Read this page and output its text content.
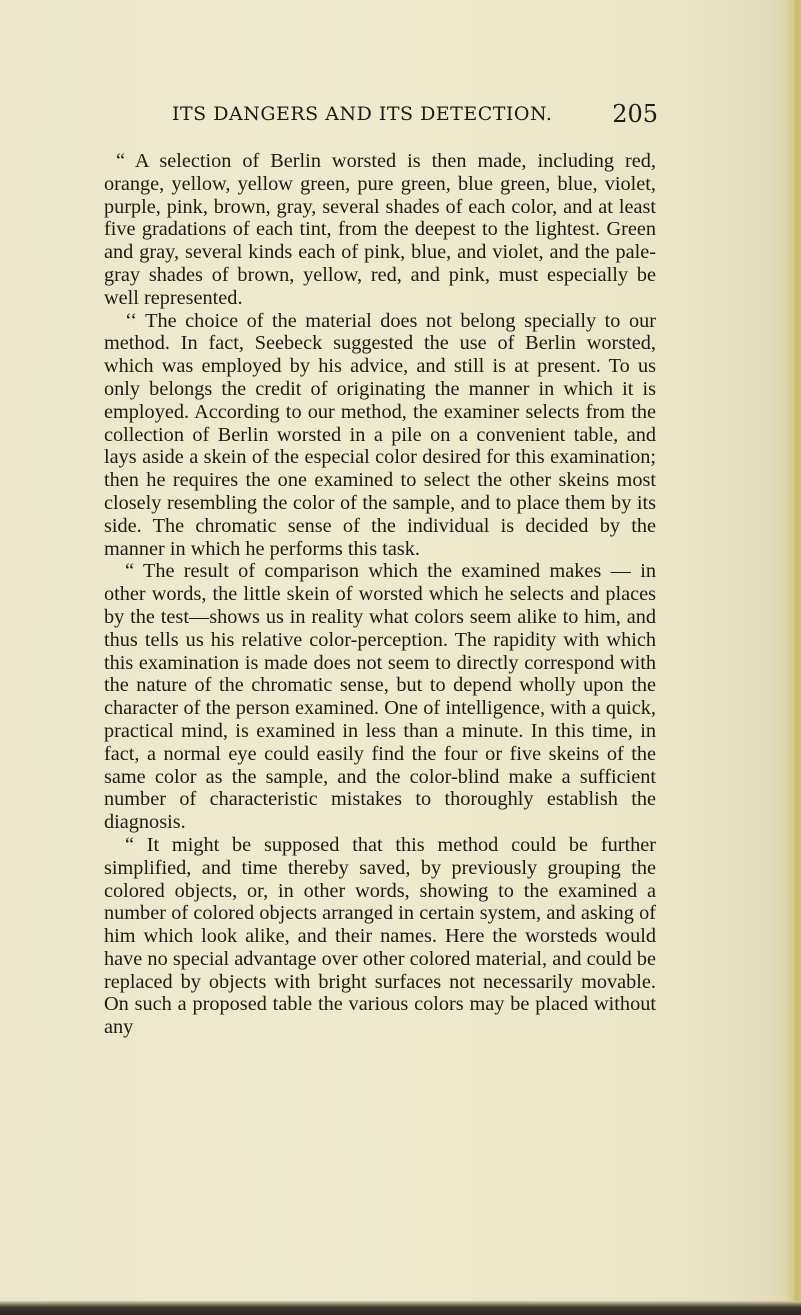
ITS DANGERS AND ITS DETECTION. 205

“ A selection of Berlin worsted is then made, including red, orange, yellow, yellow green, pure green, blue green, blue, violet, purple, pink, brown, gray, several shades of each color, and at least five gradations of each tint, from the deepest to the lightest. Green and gray, several kinds each of pink, blue, and violet, and the pale-gray shades of brown, yellow, red, and pink, must especially be well represented.

‘‘ The choice of the material does not belong specially to our method. In fact, Seebeck suggested the use of Berlin worsted, which was employed by his advice, and still is at present. To us only belongs the credit of originating the manner in which it is employed. According to our method, the examiner selects from the collection of Berlin worsted in a pile on a convenient table, and lays aside a skein of the especial color desired for this examination; then he requires the one examined to select the other skeins most closely resembling the color of the sample, and to place them by its side. The chromatic sense of the individual is decided by the manner in which he performs this task.

“ The result of comparison which the examined makes — in other words, the little skein of worsted which he selects and places by the test—shows us in reality what colors seem alike to him, and thus tells us his relative color-perception. The rapidity with which this examination is made does not seem to directly correspond with the nature of the chromatic sense, but to depend wholly upon the character of the person examined. One of intelligence, with a quick, practical mind, is examined in less than a minute. In this time, in fact, a normal eye could easily find the four or five skeins of the same color as the sample, and the color-blind make a sufficient number of characteristic mistakes to thoroughly establish the diagnosis.

“ It might be supposed that this method could be further simplified, and time thereby saved, by previously grouping the colored objects, or, in other words, showing to the examined a number of colored objects arranged in certain system, and asking of him which look alike, and their names. Here the worsteds would have no special advantage over other colored material, and could be replaced by objects with bright surfaces not necessarily movable. On such a proposed table the various colors may be placed without any
